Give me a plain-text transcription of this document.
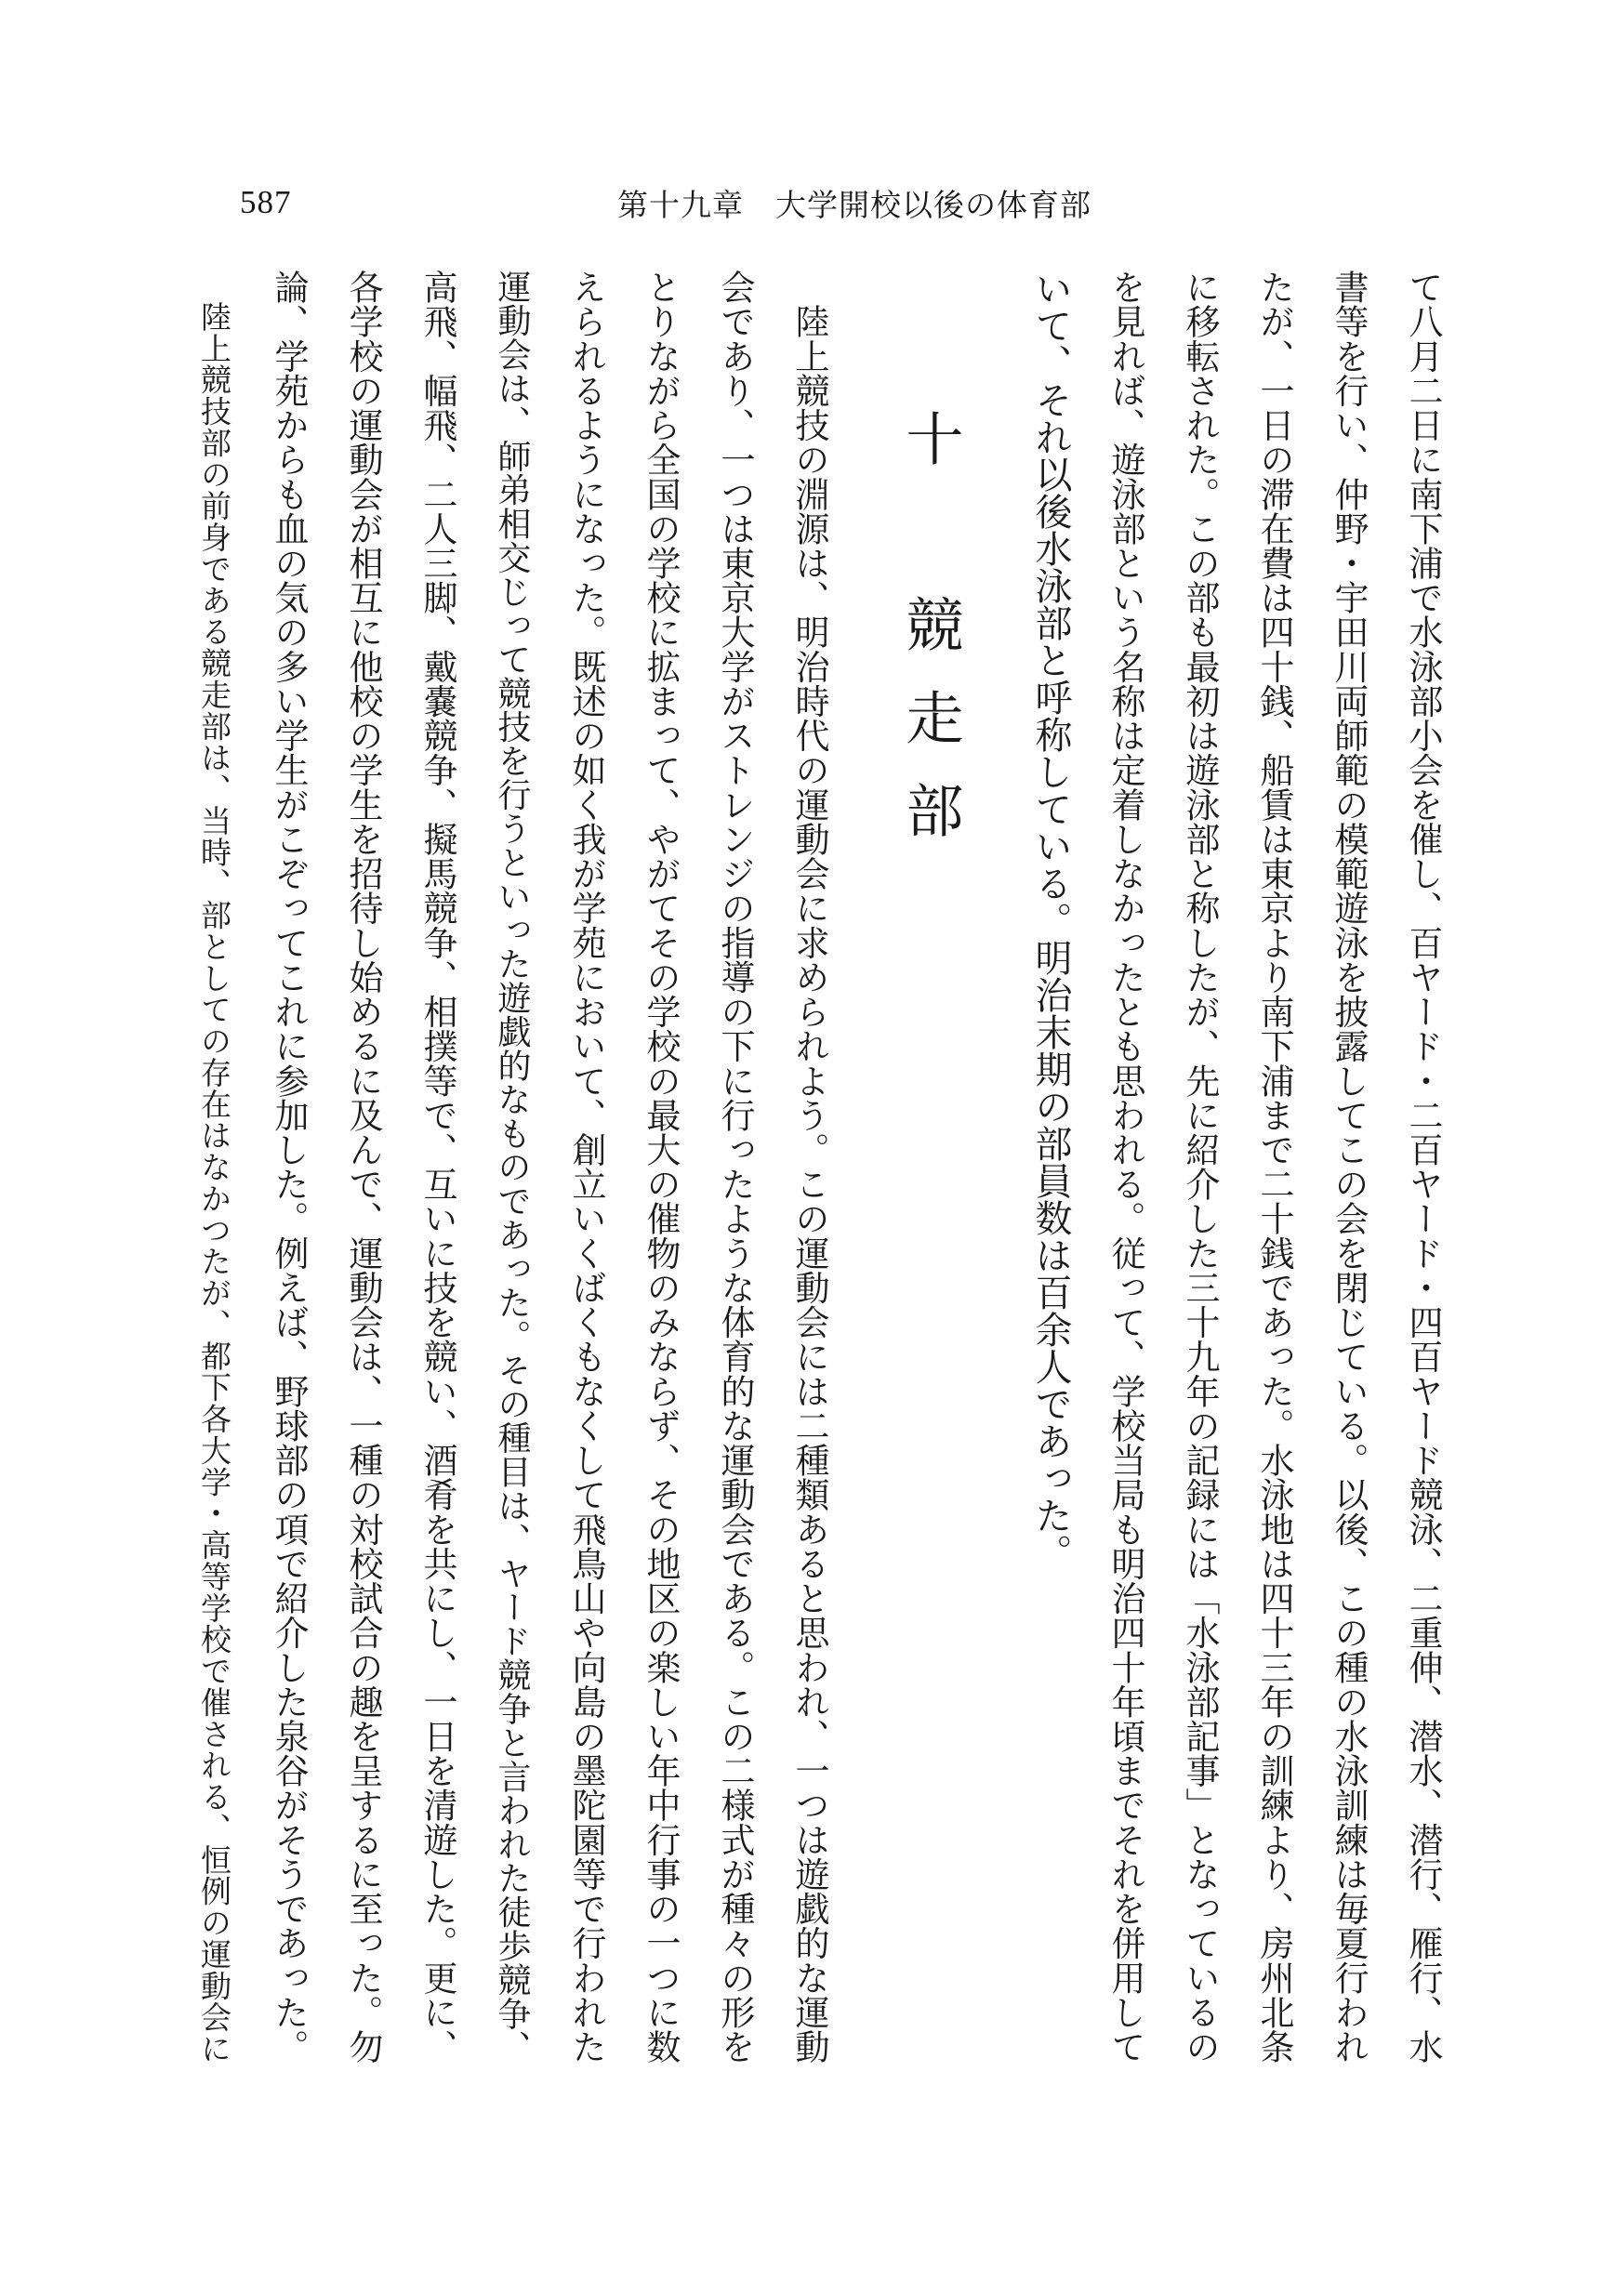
587	第十九章　大学開校以後の体育部
て八月二日に南下浦で水泳部小会を催し、百ヤード・二百ヤード・四百ヤード競泳、二重伸、潜水、潜行、雁行、水
書等を行い、仲野・宇田川両師範の模範遊泳を披露してこの会を閉じている。以後、この種の水泳訓練は毎夏行われ
たが、一日の滞在費は四十銭、船賃は東京より南下浦まで二十銭であった。水泳地は四十三年の訓練より、房州北条
に移転された。この部も最初は遊泳部と称したが、先に紹介した三十九年の記録には「水泳部記事」となっているの
を見れば、遊泳部という名称は定着しなかったとも思われる。従って、学校当局も明治四十年頃までそれを併用して
いて、それ以後水泳部と呼称している。明治末期の部員数は百余人であった。
十　競走部
　陸上競技の淵源は、明治時代の運動会に求められよう。この運動会には二種類あると思われ、一つは遊戯的な運動
会であり、一つは東京大学がストレンジの指導の下に行ったような体育的な運動会である。この二様式が種々の形を
とりながら全国の学校に拡まって、やがてその学校の最大の催物のみならず、その地区の楽しい年中行事の一つに数
えられるようになった。既述の如く我が学苑において、創立いくばくもなくして飛鳥山や向島の墨陀園等で行われた
運動会は、師弟相交じって競技を行うといった遊戯的なものであった。その種目は、ヤード競争と言われた徒歩競争、
高飛、幅飛、二人三脚、戴嚢競争、擬馬競争、相撲等で、互いに技を競い、酒肴を共にし、一日を清遊した。更に、
各学校の運動会が相互に他校の学生を招待し始めるに及んで、運動会は、一種の対校試合の趣を呈するに至った。勿
論、学苑からも血の気の多い学生がこぞってこれに参加した。例えば、野球部の項で紹介した泉谷がそうであった。
　陸上競技部の前身である競走部は、当時、部としての存在はなかつたが、都下各大学・高等学校で催される、恒例の運動会に
